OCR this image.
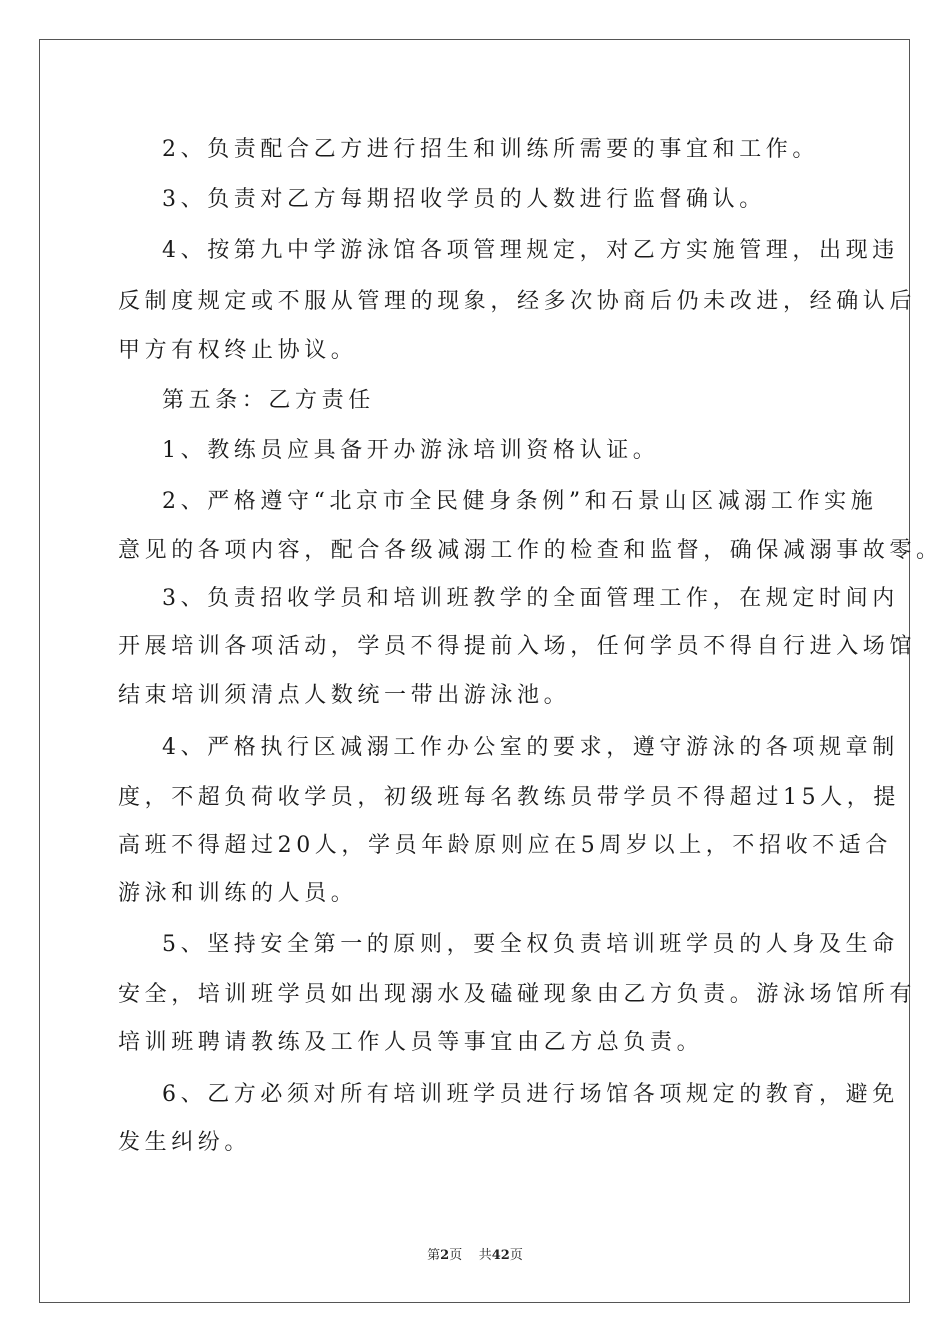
2、负责配合乙方进行招生和训练所需要的事宜和工作。
3、负责对乙方每期招收学员的人数进行监督确认。
4、按第九中学游泳馆各项管理规定，对乙方实施管理，出现违
反制度规定或不服从管理的现象，经多次协商后仍未改进，经确认后
甲方有权终止协议。
第五条：乙方责任
1、教练员应具备开办游泳培训资格认证。
2、严格遵守“北京市全民健身条例”和石景山区减溺工作实施
意见的各项内容，配合各级减溺工作的检查和监督，确保减溺事故零。
3、负责招收学员和培训班教学的全面管理工作，在规定时间内
开展培训各项活动，学员不得提前入场，任何学员不得自行进入场馆
结束培训须清点人数统一带出游泳池。
4、严格执行区减溺工作办公室的要求，遵守游泳的各项规章制
度，不超负荷收学员，初级班每名教练员带学员不得超过15人，提
高班不得超过20人，学员年龄原则应在5周岁以上，不招收不适合
游泳和训练的人员。
5、坚持安全第一的原则，要全权负责培训班学员的人身及生命
安全，培训班学员如出现溺水及磕碰现象由乙方负责。游泳场馆所有
培训班聘请教练及工作人员等事宜由乙方总负责。
6、乙方必须对所有培训班学员进行场馆各项规定的教育，避免
发生纠纷。
第2页 共42页
